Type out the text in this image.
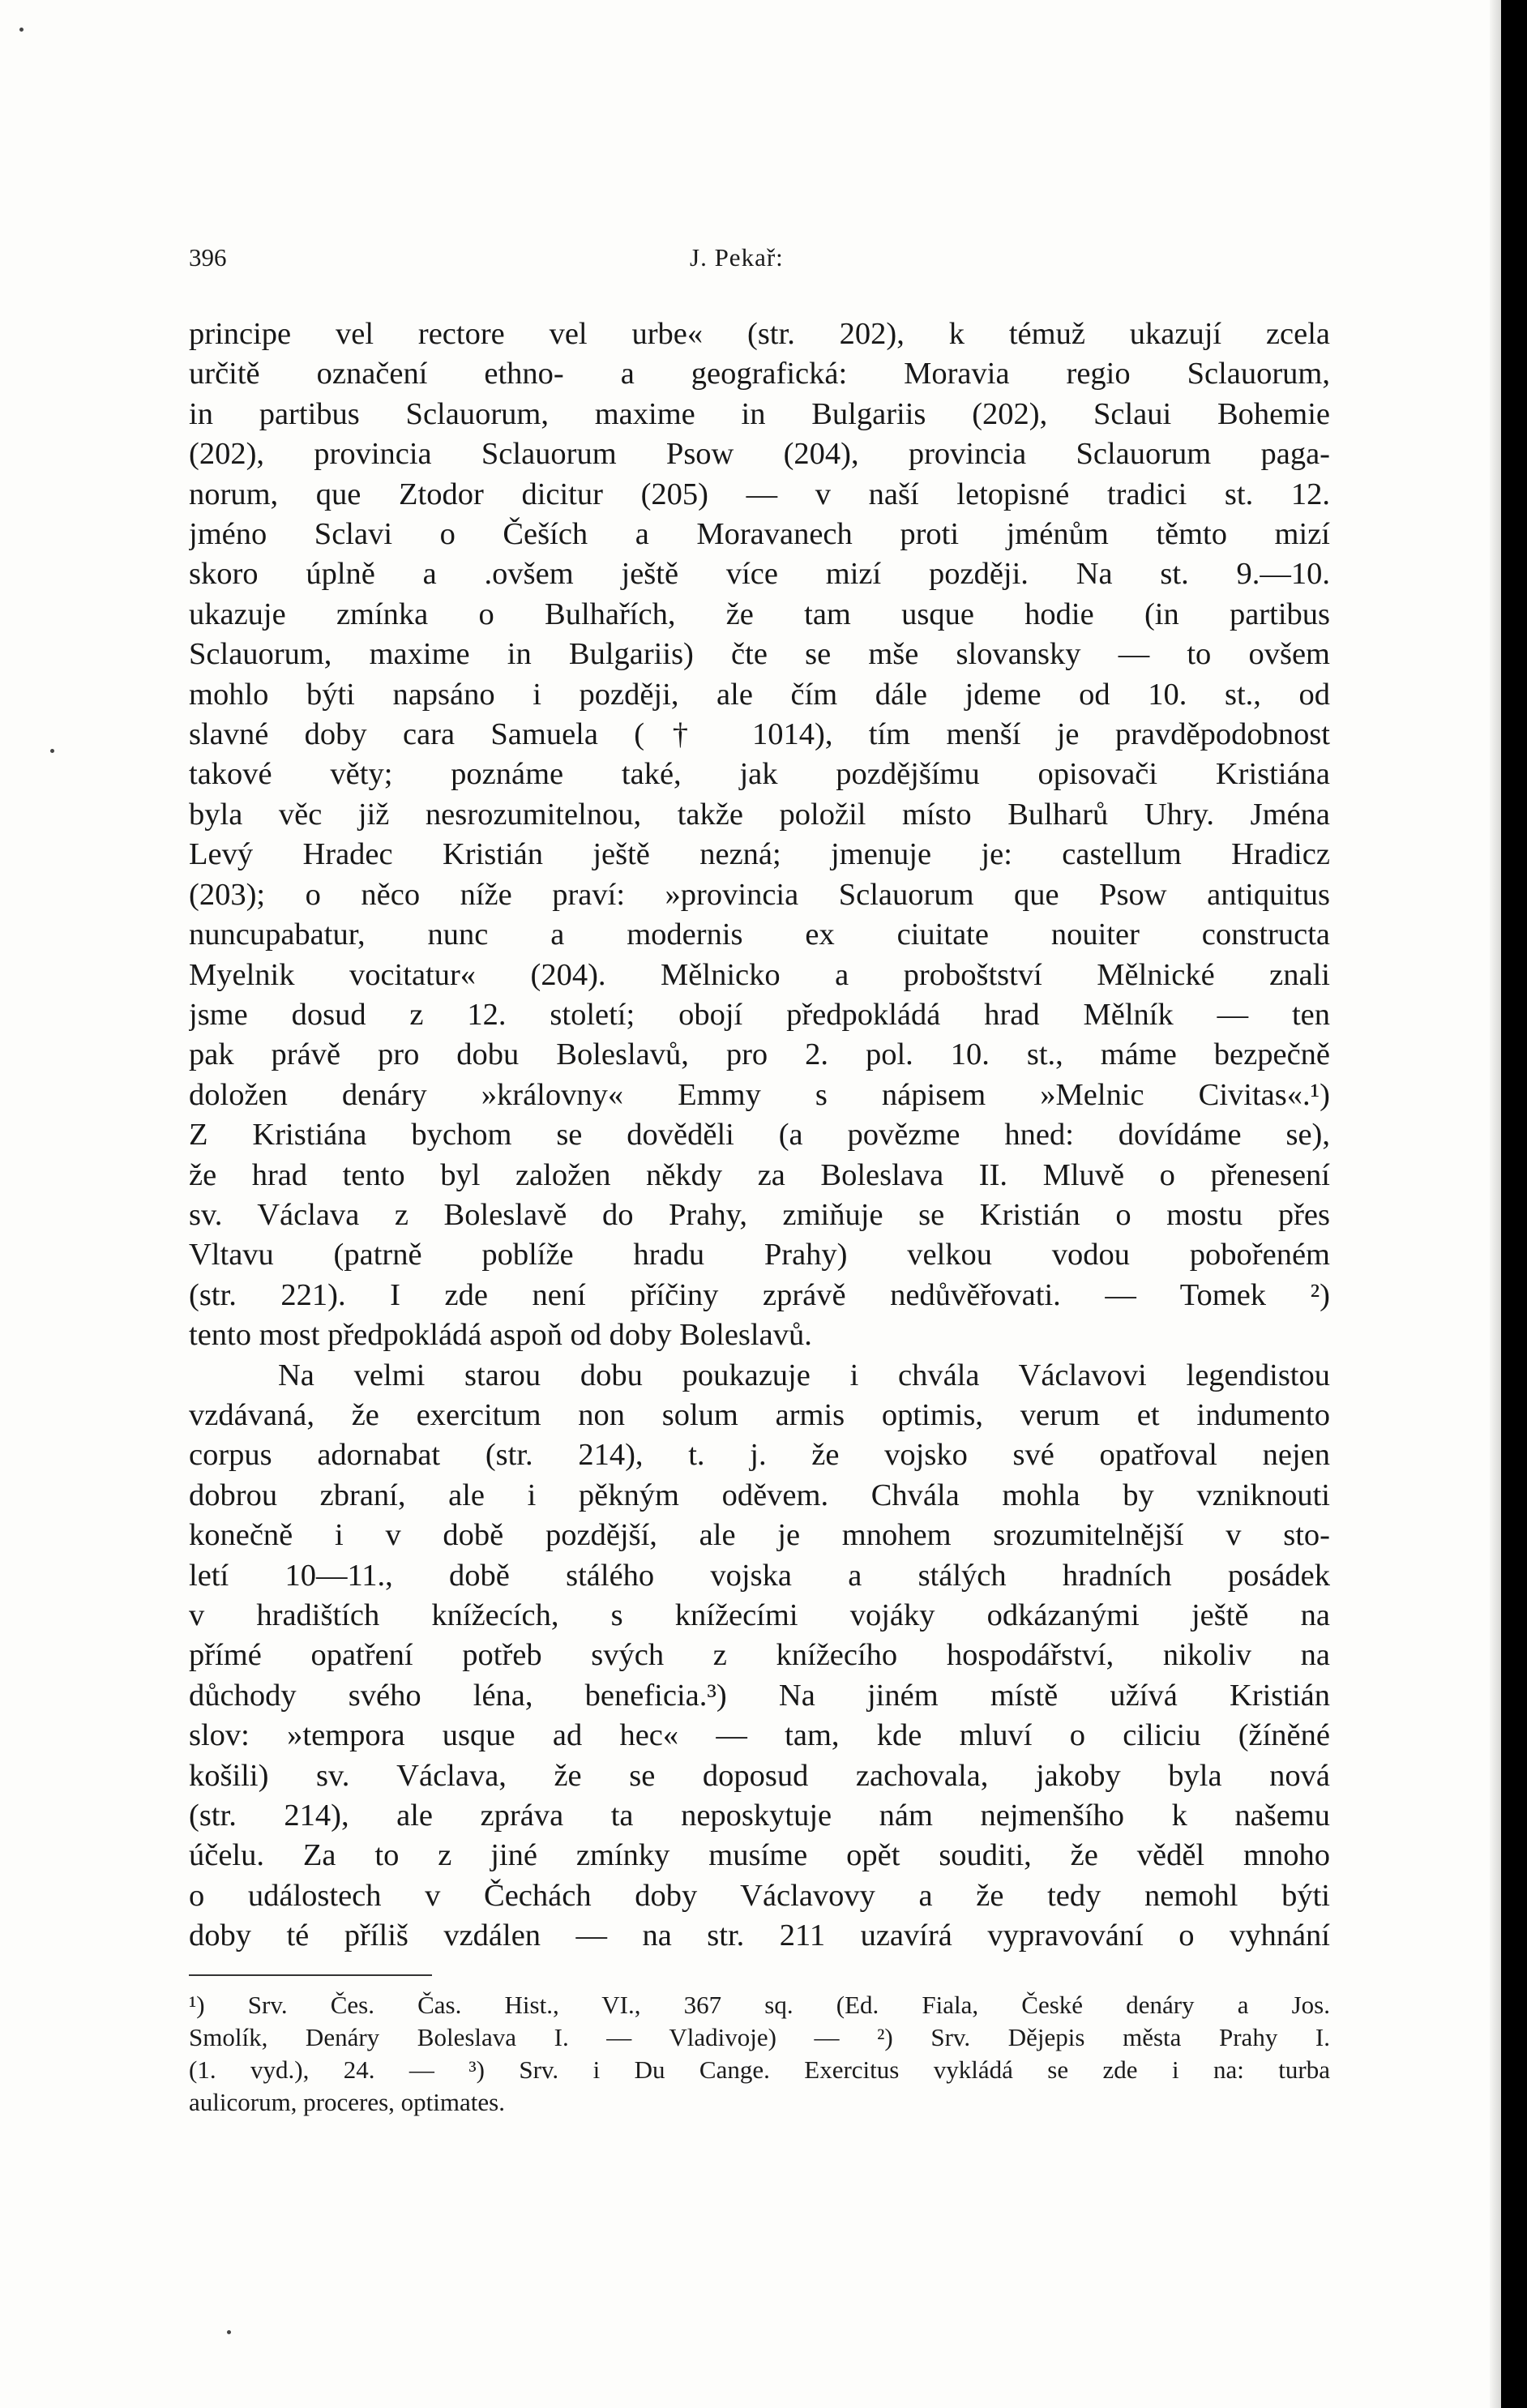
396	J. Pekař:

principe vel rectore vel urbe« (str. 202), k témuž ukazují zcela

určitě označení ethno- a geografická: Moravia regio Sclauorum,

in partibus Sclauorum, maxime in Bulgariis (202), Sclaui Bohemie

(202), provincia Sclauorum Psow (204), provincia Sclauorum paga-

norum, que Ztodor dicitur (205) — v naší letopisné tradici st. 12.

jméno Sclavi o Češích a Moravanech proti jménům těmto mizí

skoro úplně a .ovšem ještě více mizí později. Na st. 9.—10.

ukazuje zmínka o Bulhařích, že tam usque hodie (in partibus

Sclauorum, maxime in Bulgariis) čte se mše slovansky — to ovšem

mohlo býti napsáno i později, ale čím dále jdeme od 10. st., od

slavné doby cara Samuela († 1014), tím menší je pravděpodobnost

takové věty; poznáme také, jak pozdějšímu opisovači Kristiána

byla věc již nesrozumitelnou, takže položil místo Bulharů Uhry. Jména

Levý Hradec Kristián ještě nezná; jmenuje je: castellum Hradicz

(203); o něco níže praví: »provincia Sclauorum que Psow antiquitus

nuncupabatur, nunc a modernis ex ciuitate nouiter constructa

Myelnik vocitatur« (204). Mělnicko a proboštství Mělnické znali

jsme dosud z 12. století; obojí předpokládá hrad Mělník — ten

pak právě pro dobu Boleslavů, pro 2. pol. 10. st., máme bezpečně

doložen denáry »královny« Emmy s nápisem »Melnic Civitas«.¹)

Z Kristiána bychom se dověděli (a povězme hned: dovídáme se),

že hrad tento byl založen někdy za Boleslava II. Mluvě o přenesení

sv. Václava z Boleslavě do Prahy, zmiňuje se Kristián o mostu přes

Vltavu (patrně poblíže hradu Prahy) velkou vodou pobořeném

(str. 221). I zde není příčiny zprávě nedůvěřovati. — Tomek ²)

tento most předpokládá aspoň od doby Boleslavů.

Na velmi starou dobu poukazuje i chvála Václavovi legendistou

vzdávaná, že exercitum non solum armis optimis, verum et indumento

corpus adornabat (str. 214), t. j. že vojsko své opatřoval nejen

dobrou zbraní, ale i pěkným oděvem. Chvála mohla by vzniknouti

konečně i v době pozdější, ale je mnohem srozumitelnější v sto-

letí 10—11., době stálého vojska a stálých hradních posádek

v hradištích knížecích, s knížecími vojáky odkázanými ještě na

přímé opatření potřeb svých z knížecího hospodářství, nikoliv na

důchody svého léna, beneficia.³) Na jiném místě užívá Kristián

slov: »tempora usque ad hec« — tam, kde mluví o ciliciu (žíněné

košili) sv. Václava, že se doposud zachovala, jakoby byla nová

(str. 214), ale zpráva ta neposkytuje nám nejmenšího k našemu

účelu. Za to z jiné zmínky musíme opět souditi, že věděl mnoho

o událostech v Čechách doby Václavovy a že tedy nemohl býti

doby té příliš vzdálen — na str. 211 uzavírá vypravování o vyhnání

¹) Srv. Čes. Čas. Hist., VI., 367 sq. (Ed. Fiala, České denáry a Jos.

Smolík, Denáry Boleslava I. — Vladivoje) — ²) Srv. Dějepis města Prahy I.

(1. vyd.), 24. — ³) Srv. i Du Cange. Exercitus vykládá se zde i na: turba

aulicorum, proceres, optimates.
